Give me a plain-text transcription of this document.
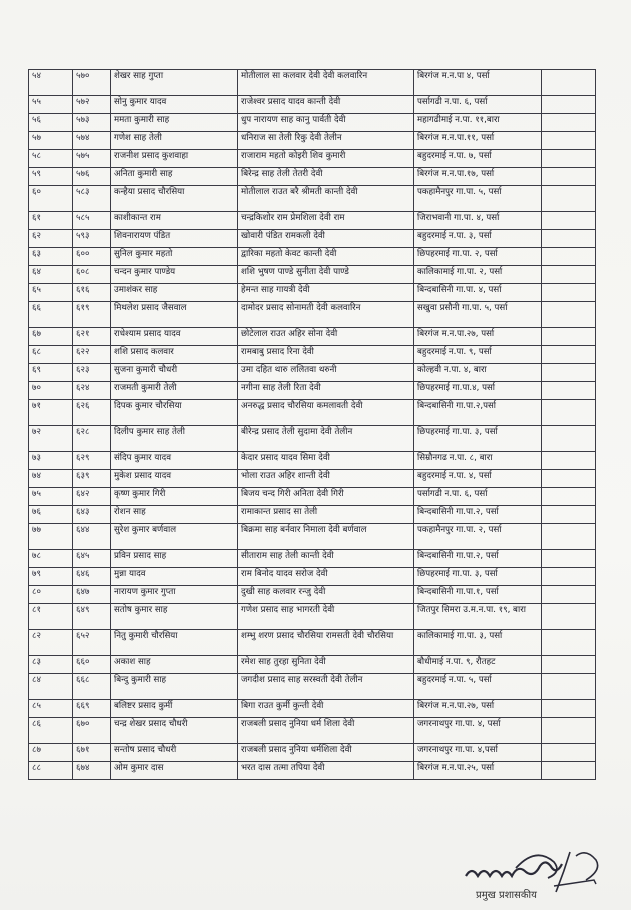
५४	५७०	शेखर साह गुप्ता	मोतीलाल सा कलवार देवी देवी कलवारिन	बिरगंज म.न.पा ४, पर्सा	
५५	५७२	सोनु कुमार यादव	राजेश्वर प्रसाद यादव कान्ती देवी	पर्सागढी न.पा. ६, पर्सा	
५६	५७३	ममता कुमारी साह	धुप नारायण साह कानु पार्वती देवी	महागढीमाई न.पा. ११,बारा	
५७	५७४	गणेश साह तेली	धनिराज सा तेली रिकु देवी तेलीन	बिरगंज म.न.पा.११, पर्सा	
५८	५७५	राजनीश प्रसाद कुशवाहा	राजाराम महतो कोइरी शिव कुमारी	बहुदरमाई न.पा. ७, पर्सा	
५९	५७६	अनिता कुमारी साह	बिरेन्द्र साह तेली तेतरी देवी	बिरगंज म.न.पा.१७, पर्सा	
६०	५८३	कन्हैया प्रसाद चौरसिया	मोतीलाल राउत बरै श्रीमती कान्ती देवी	पकहामैनपुर गा.पा. ५, पर्सा	
६१	५८५	काशीकान्त राम	चन्द्रकिशोर राम प्रेमशिला देवी राम	जिराभवानी गा.पा. ४, पर्सा	
६२	५९३	शिवनारायण पंडित	खोवारी पंडित रामकली देवी	बहुदरमाई न.पा. ३, पर्सा	
६३	६००	सुनिल कुमार महतो	द्वारिका महतो केवट कान्ती देवी	छिपहरमाई गा.पा. २, पर्सा	
६४	६०८	चन्दन कुमार पाण्डेय	शशि भुषण पाण्डे सुनीता देवी पाण्डे	कालिकामाई गा.पा. २, पर्सा	
६५	६१६	उमाशंकर साह	हेमन्त साह गायत्री देवी	बिन्दबासिनी गा.पा. ४, पर्सा	
६६	६१९	मिथलेश प्रसाद जैसवाल	दामोदर प्रसाद सोनामती देवी कलवारिन	सखुवा प्रसौनी गा.पा. ५, पर्सा	
६७	६२१	राधेश्याम प्रसाद यादव	छोटेलाल राउत अहिर सोना देवी	बिरगंज म.न.पा.२७, पर्सा	
६८	६२२	शशि प्रसाद कलवार	रामबाबु प्रसाद रिना देवी	बहुदरमाई न.पा. ९, पर्सा	
६९	६२३	सुजना कुमारी चौधरी	उमा दहित थारु ललितवा थरुनी	कोल्हवी न.पा. ४, बारा	
७०	६२४	राजमती कुमारी तेली	नगीना साह तेली रिता देवी	छिपहरमाई गा.पा.४, पर्सा	
७१	६२६	दिपक कुमार चौरसिया	अनरुद्ध प्रसाद चौरसिया कमलावती देवी	बिन्दबासिनी गा.पा.२,पर्सा	
७२	६२८	दिलीप कुमार साह तेली	बीरेन्द्र प्रसाद तेली सुदामा देवी तेलीन	छिपहरमाई गा.पा. ३, पर्सा	
७३	६२९	संदिप कुमार यादव	केदार प्रसाद यादव सिमा देवी	सिम्रौनगढ न.पा. ८, बारा	
७४	६३९	मुकेश प्रसाद यादव	भोला राउत अहिर शान्ती देवी	बहुदरमाई न.पा. ४, पर्सा	
७५	६४२	कृष्ण कुमार गिरी	बिजय चन्द गिरी अनिता देवी गिरी	पर्सागढी न.पा. ६, पर्सा	
७६	६४३	रोशन साह	रामाकान्त प्रसाद सा तेली	बिन्दबासिनी गा.पा.२, पर्सा	
७७	६४४	सुरेश कुमार बर्णवाल	बिक्रमा साह बर्नवार निमाला देवी बर्णवाल	पकहामैनपुर गा.पा. २, पर्सा	
७८	६४५	प्रविन प्रसाद साह	सीताराम साह तेली कान्ती देवी	बिन्दबासिनी गा.पा.२, पर्सा	
७९	६४६	मुन्ना यादव	राम बिनोद यादव सरोज देवी	छिपहरमाई गा.पा. ३, पर्सा	
८०	६४७	नारायण कुमार गुप्ता	दुखी साह कलवार रन्जु देवी	बिन्दबासिनी गा.पा.१, पर्सा	
८१	६४९	सतोष कुमार साह	गणेश प्रसाद साह भागरती देवी	जितपुर सिमरा उ.म.न.पा. १९, बारा	
८२	६५२	नितु कुमारी चौरसिया	शम्भु शरण प्रसाद चौरसिया रामसती देवी चौरसिया	कालिकामाई गा.पा. ३, पर्सा	
८३	६६०	अकाश साह	रमेश साह तुरहा सुनिता देवी	बौधीमाई न.पा. ९, रौतहट	
८४	६६८	बिन्दु कुमारी साह	जगदीश प्रसाद साह सरस्वती देवी तेलीन	बहुदरमाई न.पा. ५, पर्सा	
८५	६६९	बलिष्टर प्रसाद कुर्मी	बिगा राउत कुर्मी कुन्ती देवी	बिरगंज म.न.पा.२७, पर्सा	
८६	६७०	चन्द्र शेखर प्रसाद चौधरी	राजबली प्रसाद नुनिया धर्म शिला देवी	जगरनाथपुर गा.पा. ४, पर्सा	
८७	६७१	सन्तोष प्रसाद चौधरी	राजबली प्रसाद नुनिया धर्मशिला देवी	जगरनाथपुर गा.पा. ४,पर्सा	
८८	६७४	ओम कुमार दास	भरत दास तत्मा तपिया देवी	बिरगंज म.न.पा.२५, पर्सा	
प्रमुख प्रशासकीय
